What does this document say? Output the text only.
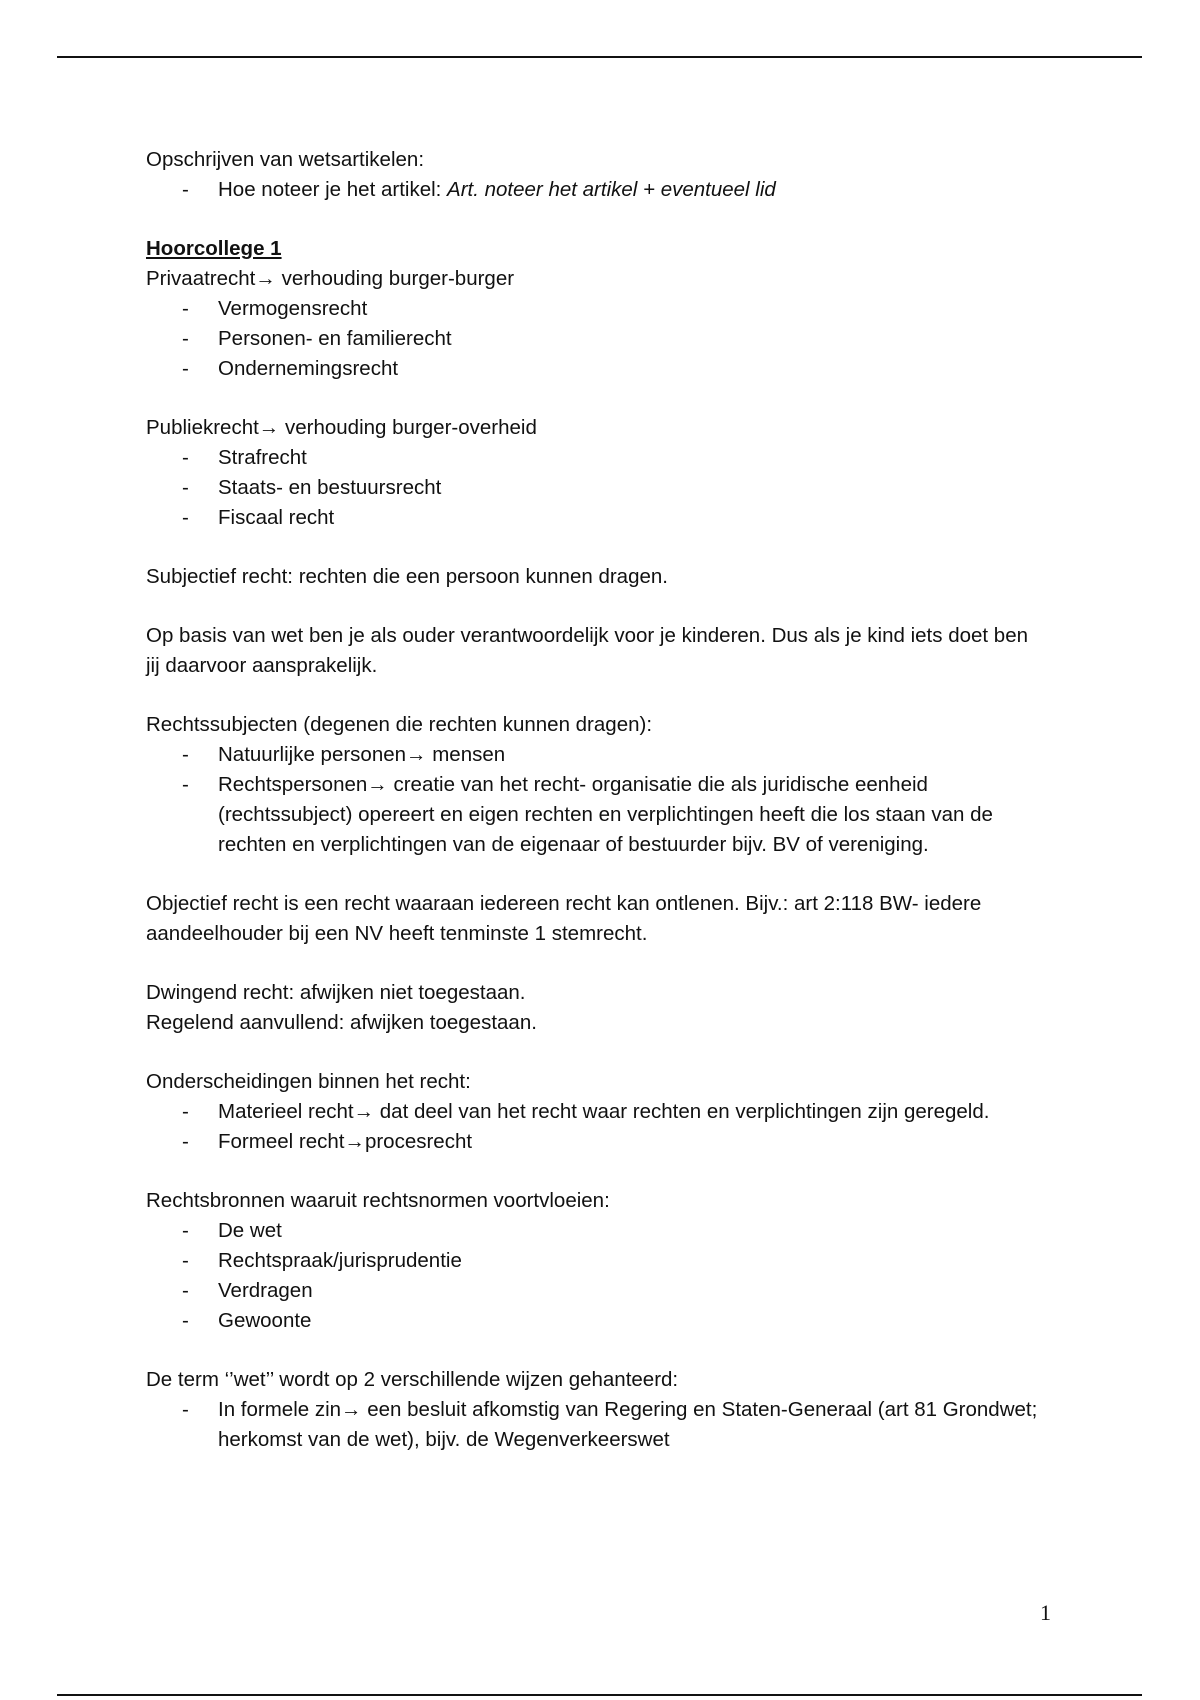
Opschrijven van wetsartikelen:

- Hoe noteer je het artikel: Art. noteer het artikel + eventueel lid

Hoorcollege 1

Privaatrecht→ verhouding burger-burger

- Vermogensrecht
- Personen- en familierecht
- Ondernemingsrecht

Publiekrecht→ verhouding burger-overheid

- Strafrecht
- Staats- en bestuursrecht
- Fiscaal recht

Subjectief recht: rechten die een persoon kunnen dragen.

Op basis van wet ben je als ouder verantwoordelijk voor je kinderen. Dus als je kind iets doet ben jij daarvoor aansprakelijk.

Rechtssubjecten (degenen die rechten kunnen dragen):

- Natuurlijke personen→ mensen
- Rechtspersonen→ creatie van het recht- organisatie die als juridische eenheid (rechtssubject) opereert en eigen rechten en verplichtingen heeft die los staan van de rechten en verplichtingen van de eigenaar of bestuurder bijv. BV of vereniging.

Objectief recht is een recht waaraan iedereen recht kan ontlenen. Bijv.: art 2:118 BW- iedere aandeelhouder bij een NV heeft tenminste 1 stemrecht.

Dwingend recht: afwijken niet toegestaan.

Regelend aanvullend: afwijken toegestaan.

Onderscheidingen binnen het recht:

- Materieel recht→ dat deel van het recht waar rechten en verplichtingen zijn geregeld.
- Formeel recht→procesrecht

Rechtsbronnen waaruit rechtsnormen voortvloeien:

- De wet
- Rechtspraak/jurisprudentie
- Verdragen
- Gewoonte

De term ‘’wet’’ wordt op 2 verschillende wijzen gehanteerd:

- In formele zin→ een besluit afkomstig van Regering en Staten-Generaal (art 81 Grondwet; herkomst van de wet), bijv. de Wegenverkeerswet
1
